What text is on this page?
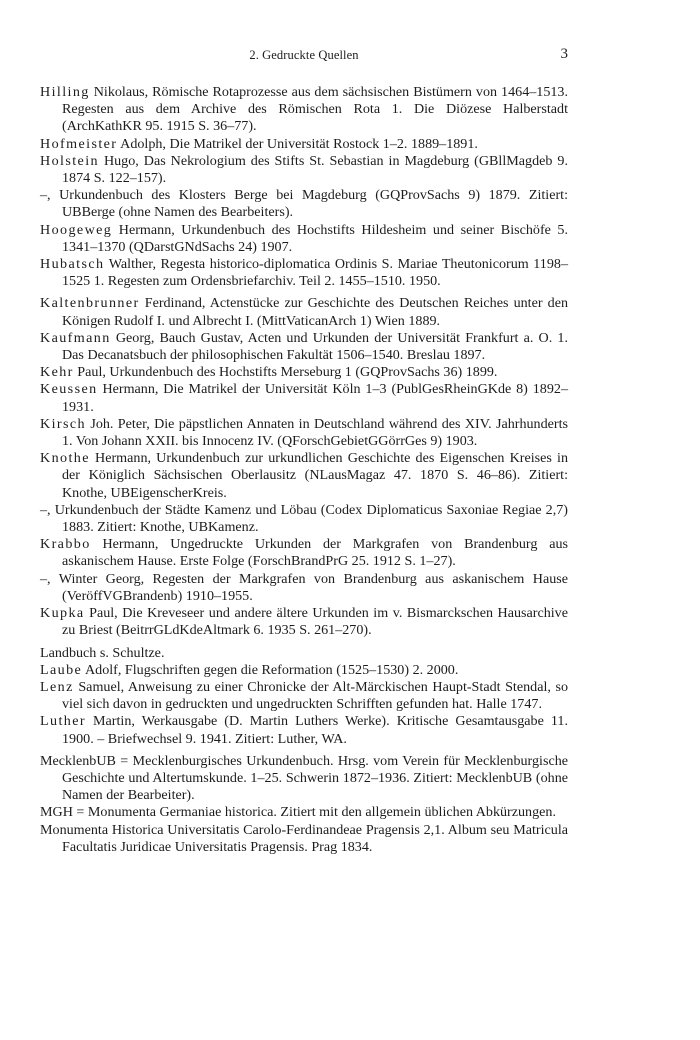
2. Gedruckte Quellen	3

Hilling Nikolaus, Römische Rotaprozesse aus dem sächsischen Bistümern von 1464–1513. Regesten aus dem Archive des Römischen Rota 1. Die Diözese Halberstadt (ArchKathKR 95. 1915 S. 36–77).

Hofmeister Adolph, Die Matrikel der Universität Rostock 1–2. 1889–1891.

Holstein Hugo, Das Nekrologium des Stifts St. Sebastian in Magdeburg (GBllMagdeb 9. 1874 S. 122–157).

–, Urkundenbuch des Klosters Berge bei Magdeburg (GQProvSachs 9) 1879. Zitiert: UBBerge (ohne Namen des Bearbeiters).

Hoogeweg Hermann, Urkundenbuch des Hochstifts Hildesheim und seiner Bischöfe 5. 1341–1370 (QDarstGNdSachs 24) 1907.

Hubatsch Walther, Regesta historico-diplomatica Ordinis S. Mariae Theutonicorum 1198–1525 1. Regesten zum Ordensbriefarchiv. Teil 2. 1455–1510. 1950.

Kaltenbrunner Ferdinand, Actenstücke zur Geschichte des Deutschen Reiches unter den Königen Rudolf I. und Albrecht I. (MittVaticanArch 1) Wien 1889.

Kaufmann Georg, Bauch Gustav, Acten und Urkunden der Universität Frankfurt a. O. 1. Das Decanatsbuch der philosophischen Fakultät 1506–1540. Breslau 1897.

Kehr Paul, Urkundenbuch des Hochstifts Merseburg 1 (GQProvSachs 36) 1899.

Keussen Hermann, Die Matrikel der Universität Köln 1–3 (PublGesRheinGKde 8) 1892–1931.

Kirsch Joh. Peter, Die päpstlichen Annaten in Deutschland während des XIV. Jahrhunderts 1. Von Johann XXII. bis Innocenz IV. (QForschGebietGGörrGes 9) 1903.

Knothe Hermann, Urkundenbuch zur urkundlichen Geschichte des Eigenschen Kreises in der Königlich Sächsischen Oberlausitz (NLausMagaz 47. 1870 S. 46–86). Zitiert: Knothe, UBEigenscherKreis.

–, Urkundenbuch der Städte Kamenz und Löbau (Codex Diplomaticus Saxoniae Regiae 2,7) 1883. Zitiert: Knothe, UBKamenz.

Krabbo Hermann, Ungedruckte Urkunden der Markgrafen von Brandenburg aus askanischem Hause. Erste Folge (ForschBrandPrG 25. 1912 S. 1–27).

–, Winter Georg, Regesten der Markgrafen von Brandenburg aus askanischem Hause (VeröffVGBrandenb) 1910–1955.

Kupka Paul, Die Kreveseer und andere ältere Urkunden im v. Bismarckschen Hausarchive zu Briest (BeitrrGLdKdeAltmark 6. 1935 S. 261–270).

Landbuch s. Schultze.

Laube Adolf, Flugschriften gegen die Reformation (1525–1530) 2. 2000.

Lenz Samuel, Anweisung zu einer Chronicke der Alt-Märckischen Haupt-Stadt Stendal, so viel sich davon in gedruckten und ungedruckten Schrifften gefunden hat. Halle 1747.

Luther Martin, Werkausgabe (D. Martin Luthers Werke). Kritische Gesamtausgabe 11. 1900. – Briefwechsel 9. 1941. Zitiert: Luther, WA.

MecklenbUB = Mecklenburgisches Urkundenbuch. Hrsg. vom Verein für Mecklenburgische Geschichte und Altertumskunde. 1–25. Schwerin 1872–1936. Zitiert: MecklenbUB (ohne Namen der Bearbeiter).

MGH = Monumenta Germaniae historica. Zitiert mit den allgemein üblichen Abkürzungen.

Monumenta Historica Universitatis Carolo-Ferdinandeae Pragensis 2,1. Album seu Matricula Facultatis Juridicae Universitatis Pragensis. Prag 1834.
